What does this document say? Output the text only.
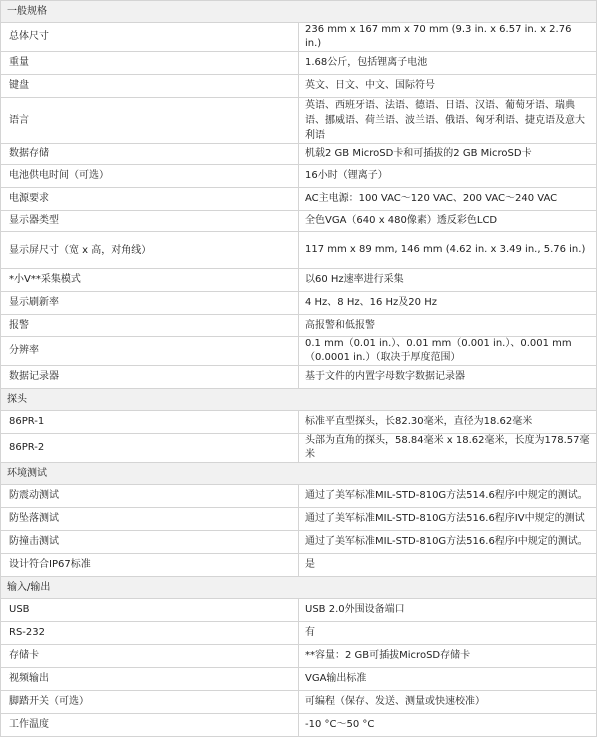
一般规格	
总体尺寸	236 mm x 167 mm x 70 mm (9.3 in. x 6.57 in. x 2.76 in.)
重量	1.68公斤，包括锂离子电池
键盘	英文、日文、中文、国际符号
语言	英语、西班牙语、法语、德语、日语、汉语、葡萄牙语、瑞典语、挪威语、荷兰语、波兰语、俄语、匈牙利语、捷克语及意大利语
数据存储	机载2 GB MicroSD卡和可插拔的2 GB MicroSD卡
电池供电时间（可选）	16小时（锂离子）
电源要求	AC主电源：100 VAC～120 VAC、200 VAC～240 VAC
显示器类型	全色VGA（640 x 480像素）透反彩色LCD
显示屏尺寸（宽 x 高，对角线）	117 mm x 89 mm, 146 mm (4.62 in. x 3.49 in., 5.76 in.)
*小V**采集模式	以60 Hz速率进行采集
显示刷新率	4 Hz、8 Hz、16 Hz及20 Hz
报警	高报警和低报警
分辨率	0.1 mm（0.01 in.）、0.01 mm（0.001 in.）、0.001 mm（0.0001 in.）（取决于厚度范围）
数据记录器	基于文件的内置字母数字数据记录器
探头	
86PR-1	标准平直型探头，长82.30毫米，直径为18.62毫米
86PR-2	头部为直角的探头，58.84毫米 x 18.62毫米，长度为178.57毫米
环境测试	
防震动测试	通过了美军标准MIL-STD-810G方法514.6程序I中规定的测试。
防坠落测试	通过了美军标准MIL-STD-810G方法516.6程序IV中规定的测试
防撞击测试	通过了美军标准MIL-STD-810G方法516.6程序I中规定的测试。
设计符合IP67标准	是
输入/输出	
USB	USB 2.0外围设备端口
RS-232	有
存储卡	**容量：2 GB可插拔MicroSD存储卡
视频输出	VGA输出标准
脚踏开关（可选）	可编程（保存、发送、测量或快速校准）
工作温度	-10 °C～50 °C
